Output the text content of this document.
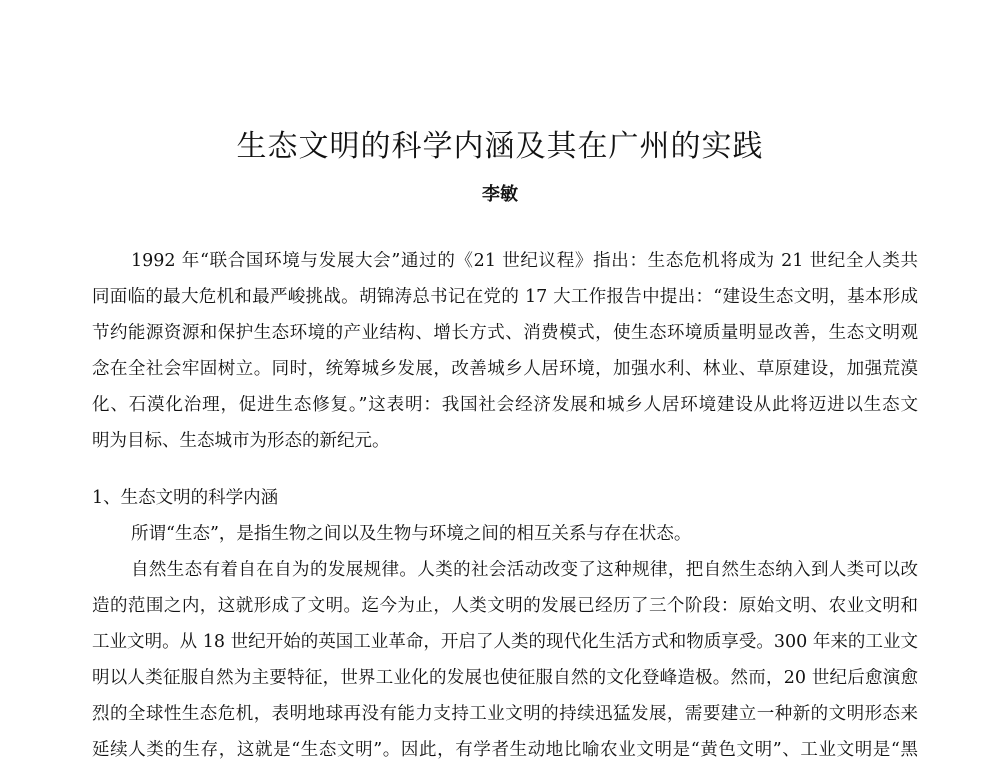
生态文明的科学内涵及其在广州的实践
李敏
1992 年“联合国环境与发展大会”通过的《21 世纪议程》指出：生态危机将成为 21 世纪全人类共
同面临的最大危机和最严峻挑战。胡锦涛总书记在党的 17 大工作报告中提出：“建设生态文明，基本形成
节约能源资源和保护生态环境的产业结构、增长方式、消费模式，使生态环境质量明显改善，生态文明观
念在全社会牢固树立。同时，统筹城乡发展，改善城乡人居环境，加强水利、林业、草原建设，加强荒漠
化、石漠化治理，促进生态修复。”这表明：我国社会经济发展和城乡人居环境建设从此将迈进以生态文
明为目标、生态城市为形态的新纪元。
1、生态文明的科学内涵
所谓“生态”，是指生物之间以及生物与环境之间的相互关系与存在状态。
自然生态有着自在自为的发展规律。人类的社会活动改变了这种规律，把自然生态纳入到人类可以改
造的范围之内，这就形成了文明。迄今为止，人类文明的发展已经历了三个阶段：原始文明、农业文明和
工业文明。从 18 世纪开始的英国工业革命，开启了人类的现代化生活方式和物质享受。300 年来的工业文
明以人类征服自然为主要特征，世界工业化的发展也使征服自然的文化登峰造极。然而，20 世纪后愈演愈
烈的全球性生态危机，表明地球再没有能力支持工业文明的持续迅猛发展，需要建立一种新的文明形态来
延续人类的生存，这就是“生态文明”。因此，有学者生动地比喻农业文明是“黄色文明”、工业文明是“黑
